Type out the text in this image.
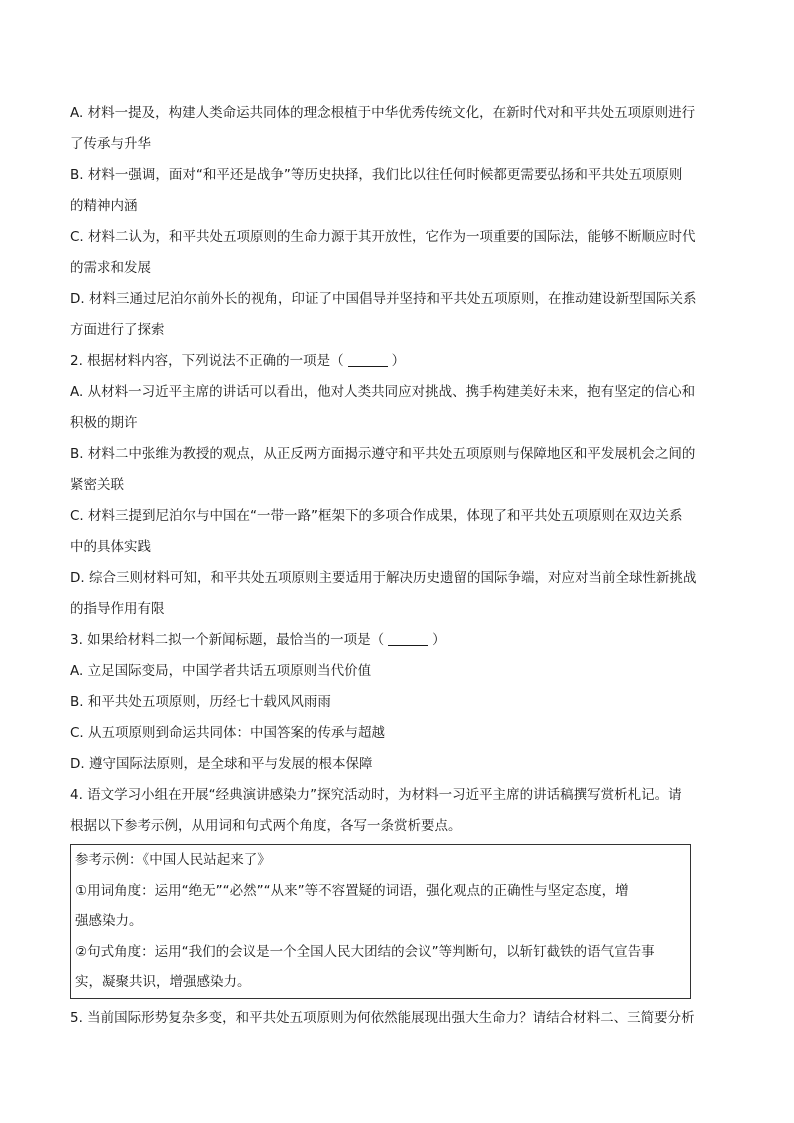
A. 材料一提及，构建人类命运共同体的理念根植于中华优秀传统文化，在新时代对和平共处五项原则进行
了传承与升华
B. 材料一强调，面对“和平还是战争”等历史抉择，我们比以往任何时候都更需要弘扬和平共处五项原则
的精神内涵
C. 材料二认为，和平共处五项原则的生命力源于其开放性，它作为一项重要的国际法，能够不断顺应时代
的需求和发展
D. 材料三通过尼泊尔前外长的视角，印证了中国倡导并坚持和平共处五项原则，在推动建设新型国际关系
方面进行了探索
2. 根据材料内容，下列说法不正确的一项是（	）
A. 从材料一习近平主席的讲话可以看出，他对人类共同应对挑战、携手构建美好未来，抱有坚定的信心和
积极的期许
B. 材料二中张维为教授的观点，从正反两方面揭示遵守和平共处五项原则与保障地区和平发展机会之间的
紧密关联
C. 材料三提到尼泊尔与中国在“一带一路”框架下的多项合作成果，体现了和平共处五项原则在双边关系
中的具体实践
D. 综合三则材料可知，和平共处五项原则主要适用于解决历史遗留的国际争端，对应对当前全球性新挑战
的指导作用有限
3. 如果给材料二拟一个新闻标题，最恰当的一项是（	）
A. 立足国际变局，中国学者共话五项原则当代价值
B. 和平共处五项原则，历经七十载风风雨雨
C. 从五项原则到命运共同体：中国答案的传承与超越
D. 遵守国际法原则，是全球和平与发展的根本保障
4. 语文学习小组在开展“经典演讲感染力”探究活动时，为材料一习近平主席的讲话稿撰写赏析札记。请
根据以下参考示例，从用词和句式两个角度，各写一条赏析要点。
参考示例：《中国人民站起来了》
①用词角度：运用“绝无”“必然”“从来”等不容置疑的词语，强化观点的正确性与坚定态度，增
强感染力。
②句式角度：运用“我们的会议是一个全国人民大团结的会议”等判断句，以斩钉截铁的语气宣告事
实，凝聚共识，增强感染力。
5. 当前国际形势复杂多变，和平共处五项原则为何依然能展现出强大生命力？请结合材料二、三简要分析
